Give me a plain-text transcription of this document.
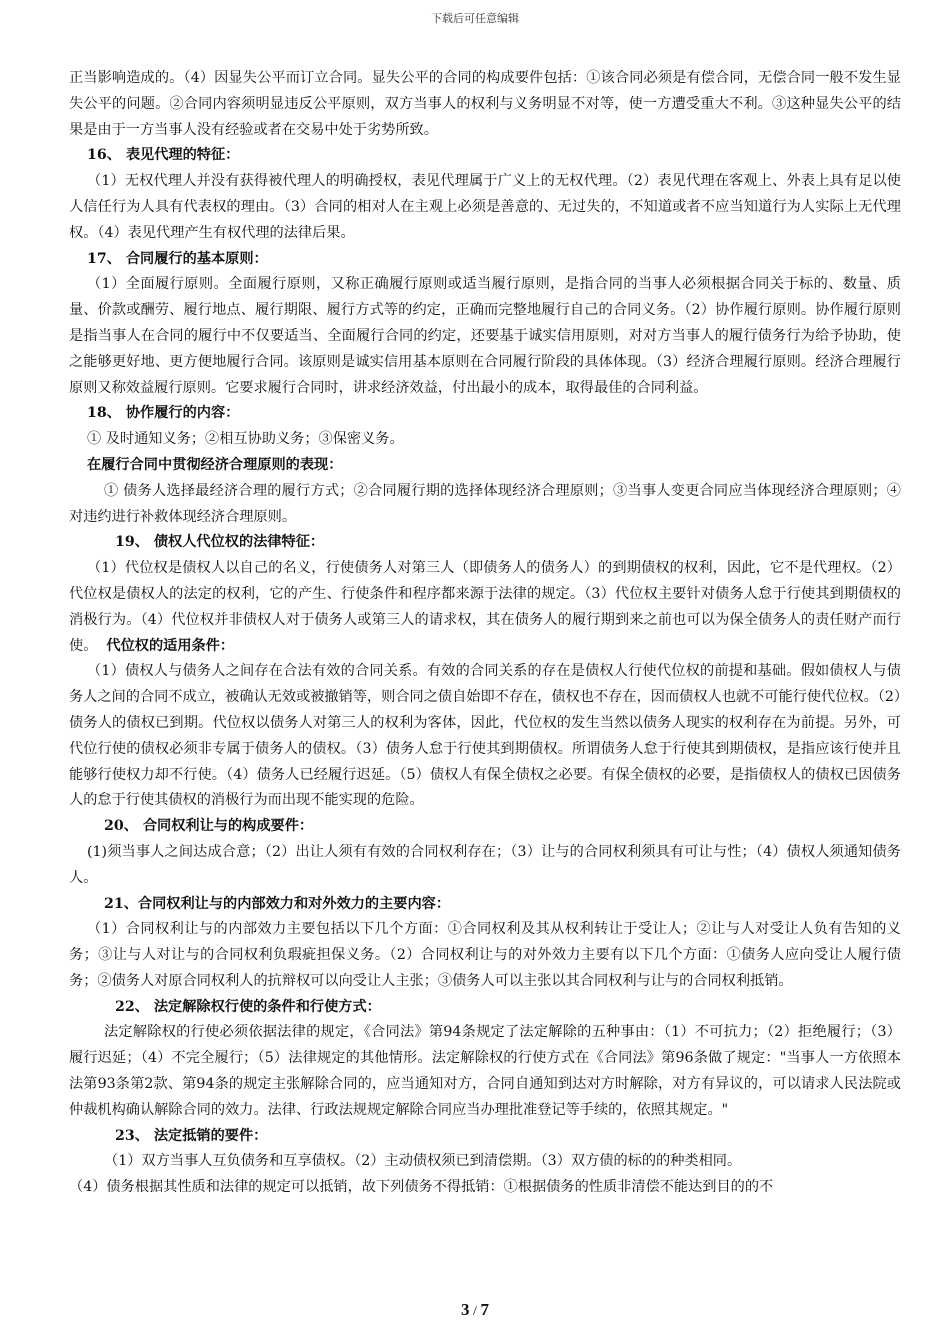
下载后可任意编辑

正当影响造成的。（4）因显失公平而订立合同。显失公平的合同的构成要件包括：①该合同必须是有偿合同，无偿合同一般不发生显失公平的问题。②合同内容须明显违反公平原则，双方当事人的权利与义务明显不对等，使一方遭受重大不利。③这种显失公平的结果是由于一方当事人没有经验或者在交易中处于劣势所致。

16、 表见代理的特征：

（1）无权代理人并没有获得被代理人的明确授权，表见代理属于广义上的无权代理。（2）表见代理在客观上、外表上具有足以使人信任行为人具有代表权的理由。（3）合同的相对人在主观上必须是善意的、无过失的，不知道或者不应当知道行为人实际上无代理权。（4）表见代理产生有权代理的法律后果。

17、 合同履行的基本原则：

（1）全面履行原则。全面履行原则，又称正确履行原则或适当履行原则，是指合同的当事人必须根据合同关于标的、数量、质量、价款或酬劳、履行地点、履行期限、履行方式等的约定，正确而完整地履行自己的合同义务。（2）协作履行原则。协作履行原则是指当事人在合同的履行中不仅要适当、全面履行合同的约定，还要基于诚实信用原则，对对方当事人的履行债务行为给予协助，使之能够更好地、更方便地履行合同。该原则是诚实信用基本原则在合同履行阶段的具体体现。（3）经济合理履行原则。经济合理履行原则又称效益履行原则。它要求履行合同时，讲求经济效益，付出最小的成本，取得最佳的合同利益。

18、 协作履行的内容：

① 及时通知义务；②相互协助义务；③保密义务。

在履行合同中贯彻经济合理原则的表现：

① 债务人选择最经济合理的履行方式；②合同履行期的选择体现经济合理原则；③当事人变更合同应当体现经济合理原则；④对违约进行补救体现经济合理原则。

19、 债权人代位权的法律特征：

（1）代位权是债权人以自己的名义，行使债务人对第三人（即债务人的债务人）的到期债权的权利，因此，它不是代理权。（2）代位权是债权人的法定的权利，它的产生、行使条件和程序都来源于法律的规定。（3）代位权主要针对债务人怠于行使其到期债权的消极行为。（4）代位权并非债权人对于债务人或第三人的请求权，其在债务人的履行期到来之前也可以为保全债务人的责任财产而行使。 代位权的适用条件：

（1）债权人与债务人之间存在合法有效的合同关系。有效的合同关系的存在是债权人行使代位权的前提和基础。假如债权人与债务人之间的合同不成立，被确认无效或被撤销等，则合同之债自始即不存在，债权也不存在，因而债权人也就不可能行使代位权。（2）债务人的债权已到期。代位权以债务人对第三人的权利为客体，因此，代位权的发生当然以债务人现实的权利存在为前提。另外，可代位行使的债权必须非专属于债务人的债权。（3）债务人怠于行使其到期债权。所谓债务人怠于行使其到期债权，是指应该行使并且能够行使权力却不行使。（4）债务人已经履行迟延。（5）债权人有保全债权之必要。有保全债权的必要，是指债权人的债权已因债务人的怠于行使其债权的消极行为而出现不能实现的危险。

20、 合同权利让与的构成要件：

(1)须当事人之间达成合意；（2）出让人须有有效的合同权利存在；（3）让与的合同权利须具有可让与性；（4）债权人须通知债务人。

21、合同权利让与的内部效力和对外效力的主要内容：

（1）合同权利让与的内部效力主要包括以下几个方面：①合同权利及其从权利转让于受让人；②让与人对受让人负有告知的义务；③让与人对让与的合同权利负瑕疵担保义务。（2）合同权利让与的对外效力主要有以下几个方面：①债务人应向受让人履行债务；②债务人对原合同权利人的抗辩权可以向受让人主张；③债务人可以主张以其合同权利与让与的合同权利抵销。

22、 法定解除权行使的条件和行使方式：

法定解除权的行使必须依据法律的规定，《合同法》第94条规定了法定解除的五种事由：（1）不可抗力；（2）拒绝履行；（3）履行迟延；（4）不完全履行；（5）法律规定的其他情形。法定解除权的行使方式在《合同法》第96条做了规定："当事人一方依照本法第93条第2款、第94条的规定主张解除合同的，应当通知对方，合同自通知到达对方时解除，对方有异议的，可以请求人民法院或仲裁机构确认解除合同的效力。法律、行政法规规定解除合同应当办理批准登记等手续的，依照其规定。"

23、 法定抵销的要件：

（1）双方当事人互负债务和互享债权。（2）主动债权须已到清偿期。（3）双方债的标的的种类相同。

（4）债务根据其性质和法律的规定可以抵销，故下列债务不得抵销：①根据债务的性质非清偿不能达到目的的不

3 / 7
